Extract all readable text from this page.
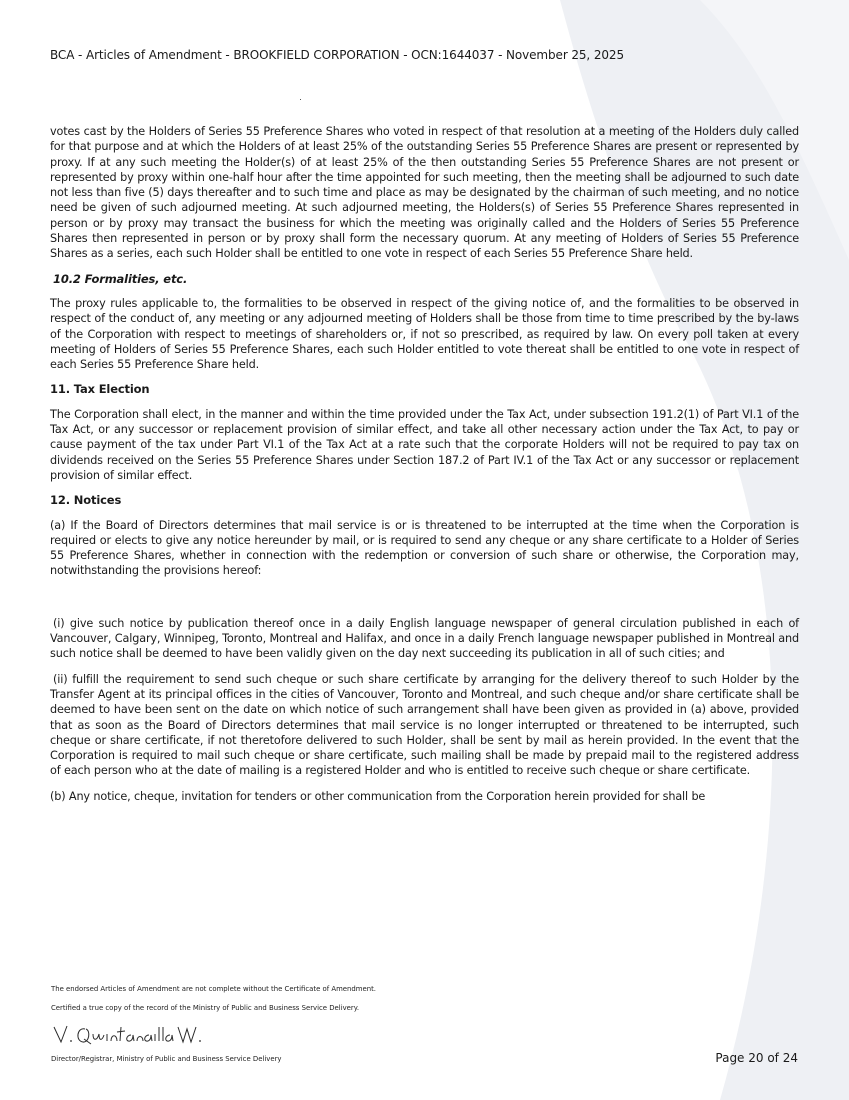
BCA - Articles of Amendment - BROOKFIELD CORPORATION - OCN:1644037 - November 25, 2025

votes cast by the Holders of Series 55 Preference Shares who voted in respect of that resolution at a meeting of the Holders duly called for that purpose and at which the Holders of at least 25% of the outstanding Series 55 Preference Shares are present or represented by proxy. If at any such meeting the Holder(s) of at least 25% of the then outstanding Series 55 Preference Shares are not present or represented by proxy within one-half hour after the time appointed for such meeting, then the meeting shall be adjourned to such date not less than five (5) days thereafter and to such time and place as may be designated by the chairman of such meeting, and no notice need be given of such adjourned meeting. At such adjourned meeting, the Holders(s) of Series 55 Preference Shares represented in person or by proxy may transact the business for which the meeting was originally called and the Holders of Series 55 Preference Shares then represented in person or by proxy shall form the necessary quorum. At any meeting of Holders of Series 55 Preference Shares as a series, each such Holder shall be entitled to one vote in respect of each Series 55 Preference Share held.

10.2 Formalities, etc.

The proxy rules applicable to, the formalities to be observed in respect of the giving notice of, and the formalities to be observed in respect of the conduct of, any meeting or any adjourned meeting of Holders shall be those from time to time prescribed by the by-laws of the Corporation with respect to meetings of shareholders or, if not so prescribed, as required by law. On every poll taken at every meeting of Holders of Series 55 Preference Shares, each such Holder entitled to vote thereat shall be entitled to one vote in respect of each Series 55 Preference Share held.

11. Tax Election

The Corporation shall elect, in the manner and within the time provided under the Tax Act, under subsection 191.2(1) of Part VI.1 of the Tax Act, or any successor or replacement provision of similar effect, and take all other necessary action under the Tax Act, to pay or cause payment of the tax under Part VI.1 of the Tax Act at a rate such that the corporate Holders will not be required to pay tax on dividends received on the Series 55 Preference Shares under Section 187.2 of Part IV.1 of the Tax Act or any successor or replacement provision of similar effect.

12. Notices

(a) If the Board of Directors determines that mail service is or is threatened to be interrupted at the time when the Corporation is required or elects to give any notice hereunder by mail, or is required to send any cheque or any share certificate to a Holder of Series 55 Preference Shares, whether in connection with the redemption or conversion of such share or otherwise, the Corporation may, notwithstanding the provisions hereof:

(i) give such notice by publication thereof once in a daily English language newspaper of general circulation published in each of Vancouver, Calgary, Winnipeg, Toronto, Montreal and Halifax, and once in a daily French language newspaper published in Montreal and such notice shall be deemed to have been validly given on the day next succeeding its publication in all of such cities; and

(ii) fulfill the requirement to send such cheque or such share certificate by arranging for the delivery thereof to such Holder by the Transfer Agent at its principal offices in the cities of Vancouver, Toronto and Montreal, and such cheque and/or share certificate shall be deemed to have been sent on the date on which notice of such arrangement shall have been given as provided in (a) above, provided that as soon as the Board of Directors determines that mail service is no longer interrupted or threatened to be interrupted, such cheque or share certificate, if not theretofore delivered to such Holder, shall be sent by mail as herein provided. In the event that the Corporation is required to mail such cheque or share certificate, such mailing shall be made by prepaid mail to the registered address of each person who at the date of mailing is a registered Holder and who is entitled to receive such cheque or share certificate.

(b) Any notice, cheque, invitation for tenders or other communication from the Corporation herein provided for shall be

The endorsed Articles of Amendment are not complete without the Certificate of Amendment.
Certified a true copy of the record of the Ministry of Public and Business Service Delivery.
V. Quintanilla W.
Director/Registrar, Ministry of Public and Business Service Delivery	Page 20 of 24
